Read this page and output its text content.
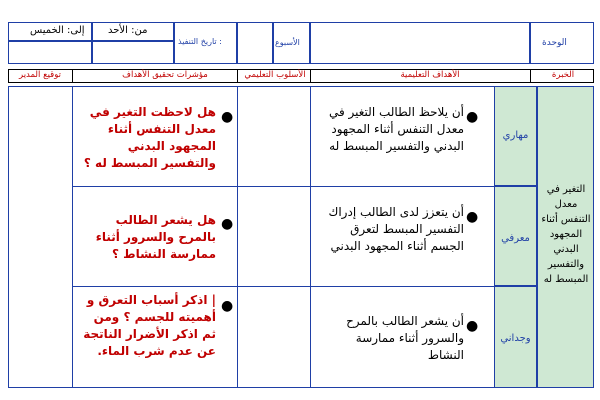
الوحدة
الأسبوع
تاريخ التنفيذ :
من: الأحد
إلى: الخميس
الخبرة
الأهداف التعليمية
الأسلوب التعليمي
مؤشرات تحقيق الأهداف
توقيع المدير
التغير في معدل التنفس أثناء المجهود البدني والتفسير المبسط له
مهاري
معرفي
وجداني
●
أن يلاحظ الطالب التغير في معدل التنفس أثناء المجهود البدني والتفسير المبسط له
●
هل لاحظت التغير في معدل التنفس أثناء المجهود البدني والتفسير المبسط له ؟
●
أن يتعزز لدى الطالب إدراك التفسير المبسط لتعرق الجسم أثناء المجهود البدني
●
هل يشعر الطالب بالمرح والسرور أثناء ممارسة النشاط ؟
●
أن يشعر الطالب بالمرح والسرور أثناء ممارسة النشاط
●
| اذكر أسباب التعرق و أهميته للجسم ؟ ومن ثم اذكر الأضرار الناتجة عن عدم شرب الماء.
